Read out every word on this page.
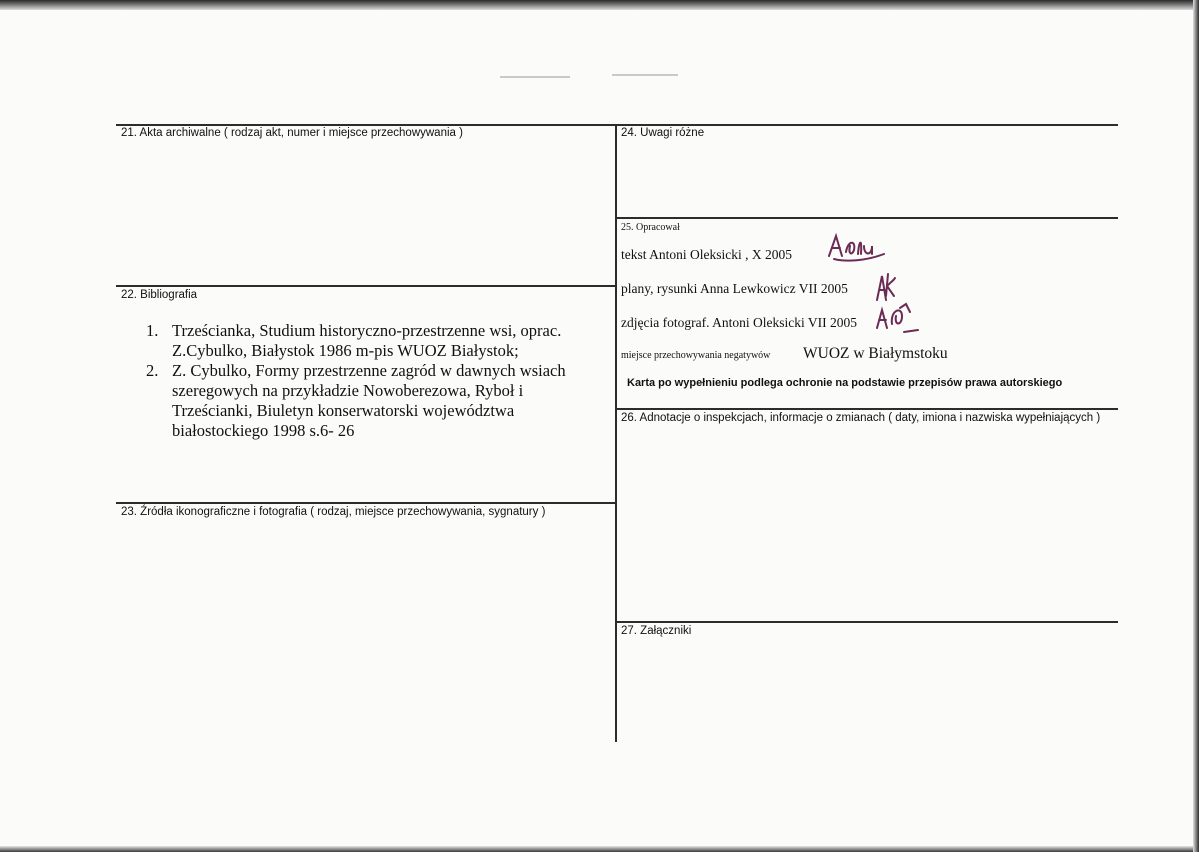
21. Akta archiwalne ( rodzaj akt, numer i miejsce przechowywania )
22. Bibliografia
1. Trześcianka, Studium historyczno-przestrzenne wsi, oprac. Z.Cybulko, Białystok 1986 m-pis WUOZ Białystok;
2. Z. Cybulko, Formy przestrzenne zagród w dawnych wsiach szeregowych na przykładzie Nowoberezowa, Ryboł i Trześcianki, Biuletyn konserwatorski województwa białostockiego 1998 s.6- 26
23. Źródła ikonograficzne i fotografia ( rodzaj, miejsce przechowywania, sygnatury )
24. Uwagi różne
25. Opracował
tekst Antoni Oleksicki , X 2005
plany, rysunki Anna Lewkowicz VII 2005
zdjęcia fotograf. Antoni Oleksicki VII 2005
miejsce przechowywania negatywów WUOZ w Białymstoku
Karta po wypełnieniu podlega ochronie na podstawie przepisów prawa autorskiego
26. Adnotacje o inspekcjach, informacje o zmianach ( daty, imiona i nazwiska wypełniających )
27. Załączniki
